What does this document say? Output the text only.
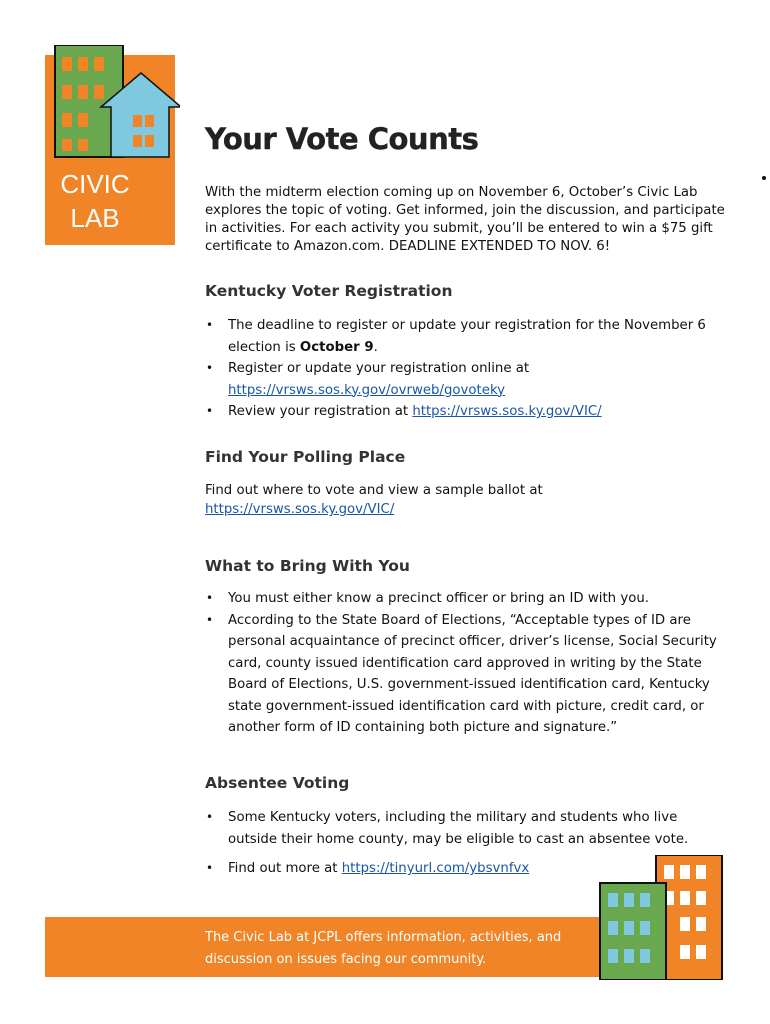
CIVIC
LAB
Your Vote Counts

With the midterm election coming up on November 6, October’s Civic Lab explores the topic of voting. Get informed, join the discussion, and participate in activities. For each activity you submit, you’ll be entered to win a $75 gift certificate to Amazon.com. DEADLINE EXTENDED TO NOV. 6!

Kentucky Voter Registration
• The deadline to register or update your registration for the November 6 election is October 9.
• Register or update your registration online at
https://vrsws.sos.ky.gov/ovrweb/govoteky
• Review your registration at https://vrsws.sos.ky.gov/VIC/
Find Your Polling Place

Find out where to vote and view a sample ballot at
https://vrsws.sos.ky.gov/VIC/

What to Bring With You
• You must either know a precinct officer or bring an ID with you.
• According to the State Board of Elections, “Acceptable types of ID are personal acquaintance of precinct officer, driver’s license, Social Security card, county issued identification card approved in writing by the State Board of Elections, U.S. government-issued identification card, Kentucky state government-issued identification card with picture, credit card, or another form of ID containing both picture and signature.”
Absentee Voting
• Some Kentucky voters, including the military and students who live outside their home county, may be eligible to cast an absentee vote.
• Find out more at https://tinyurl.com/ybsvnfvx

The Civic Lab at JCPL offers information, activities, and discussion on issues facing our community.
